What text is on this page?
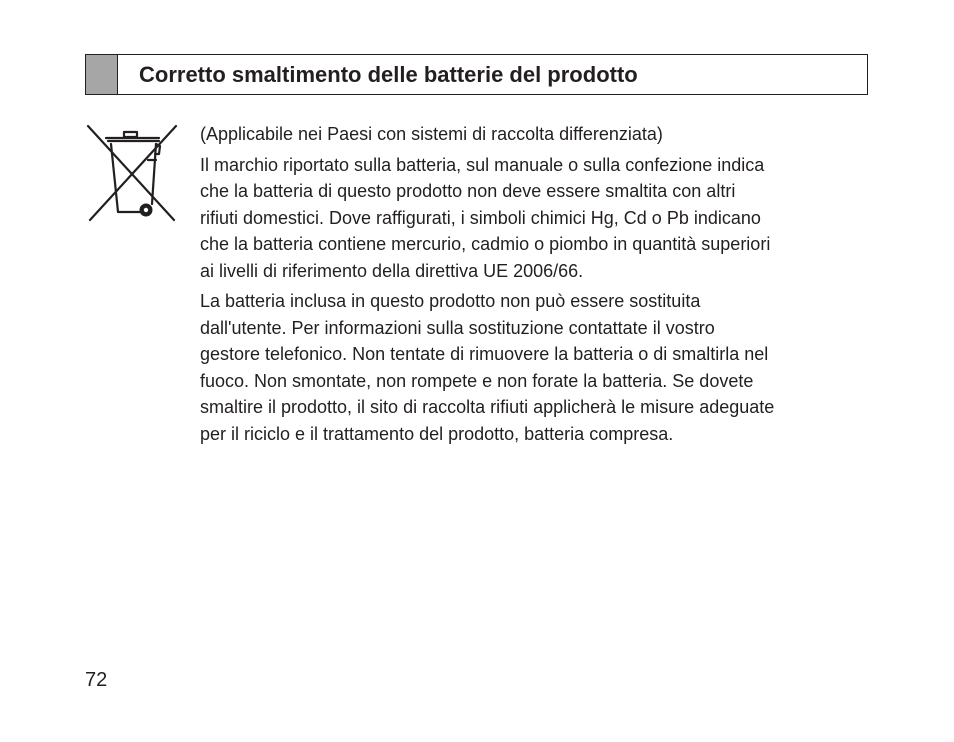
Corretto smaltimento delle batterie del prodotto

(Applicabile nei Paesi con sistemi di raccolta differenziata)

Il marchio riportato sulla batteria, sul manuale o sulla confezione indica
che la batteria di questo prodotto non deve essere smaltita con altri
rifiuti domestici. Dove raffigurati, i simboli chimici Hg, Cd o Pb indicano
che la batteria contiene mercurio, cadmio o piombo in quantità superiori
ai livelli di riferimento della direttiva UE 2006/66.

La batteria inclusa in questo prodotto non può essere sostituita
dall'utente. Per informazioni sulla sostituzione contattate il vostro
gestore telefonico. Non tentate di rimuovere la batteria o di smaltirla nel
fuoco. Non smontate, non rompete e non forate la batteria. Se dovete
smaltire il prodotto, il sito di raccolta rifiuti applicherà le misure adeguate
per il riciclo e il trattamento del prodotto, batteria compresa.

72
